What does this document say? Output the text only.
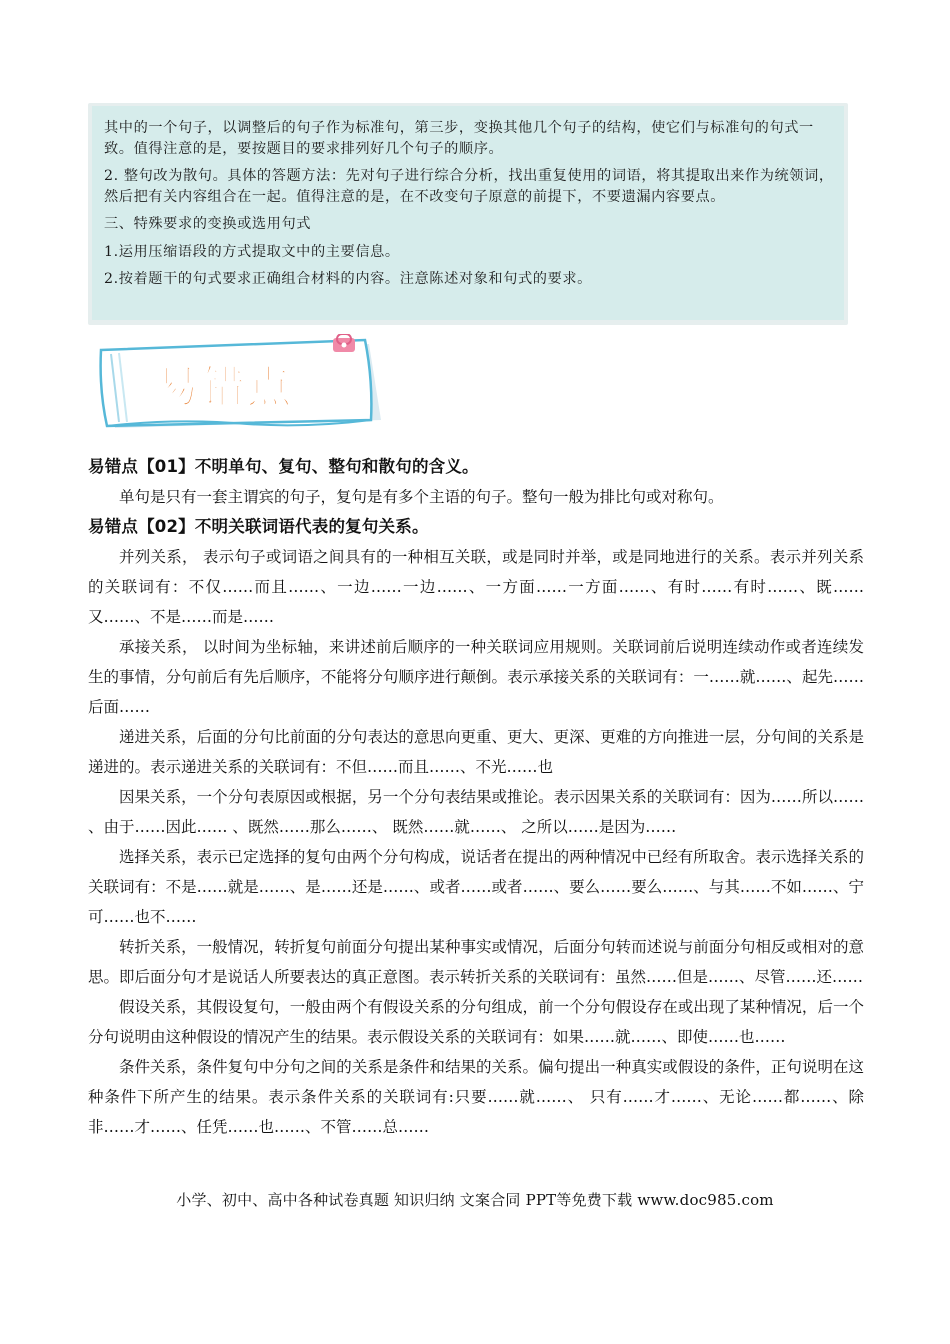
其中的一个句子，以调整后的句子作为标准句，第三步，变换其他几个句子的结构，使它们与标准句的句式一致。值得注意的是，要按题目的要求排列好几个句子的顺序。

2. 整句改为散句。具体的答题方法：先对句子进行综合分析，找出重复使用的词语，将其提取出来作为统领词，然后把有关内容组合在一起。值得注意的是，在不改变句子原意的前提下，不要遗漏内容要点。

三、特殊要求的变换或选用句式

1.运用压缩语段的方式提取文中的主要信息。

2.按着题干的句式要求正确组合材料的内容。注意陈述对象和句式的要求。

易错点

易错点【01】不明单句、复句、整句和散句的含义。

单句是只有一套主谓宾的句子，复句是有多个主语的句子。整句一般为排比句或对称句。

易错点【02】不明关联词语代表的复句关系。

并列关系， 表示句子或词语之间具有的一种相互关联，或是同时并举，或是同地进行的关系。表示并列关系的关联词有：不仅……而且……、一边……一边……、一方面……一方面……、有时……有时……、既……又……、不是……而是……

承接关系， 以时间为坐标轴，来讲述前后顺序的一种关联词应用规则。关联词前后说明连续动作或者连续发生的事情，分句前后有先后顺序，不能将分句顺序进行颠倒。表示承接关系的关联词有：一……就……、起先……后面……

递进关系，后面的分句比前面的分句表达的意思向更重、更大、更深、更难的方向推进一层，分句间的关系是递进的。表示递进关系的关联词有：不但……而且……、不光……也

因果关系，一个分句表原因或根据，另一个分句表结果或推论。表示因果关系的关联词有：因为……所以…… 、由于……因此…… 、既然……那么……、 既然……就……、 之所以……是因为……

选择关系，表示已定选择的复句由两个分句构成，说话者在提出的两种情况中已经有所取舍。表示选择关系的关联词有：不是……就是……、是……还是……、或者……或者……、要么……要么……、与其……不如……、宁可……也不……

转折关系，一般情况，转折复句前面分句提出某种事实或情况，后面分句转而述说与前面分句相反或相对的意思。即后面分句才是说话人所要表达的真正意图。表示转折关系的关联词有：虽然……但是……、尽管……还……

假设关系，其假设复句，一般由两个有假设关系的分句组成，前一个分句假设存在或出现了某种情况，后一个分句说明由这种假设的情况产生的结果。表示假设关系的关联词有：如果……就……、即使……也……

条件关系，条件复句中分句之间的关系是条件和结果的关系。偏句提出一种真实或假设的条件，正句说明在这种条件下所产生的结果。表示条件关系的关联词有:只要……就……、 只有……才……、无论……都……、除非……才……、任凭……也……、不管……总……

小学、初中、高中各种试卷真题 知识归纳 文案合同 PPT等免费下载 www.doc985.com
